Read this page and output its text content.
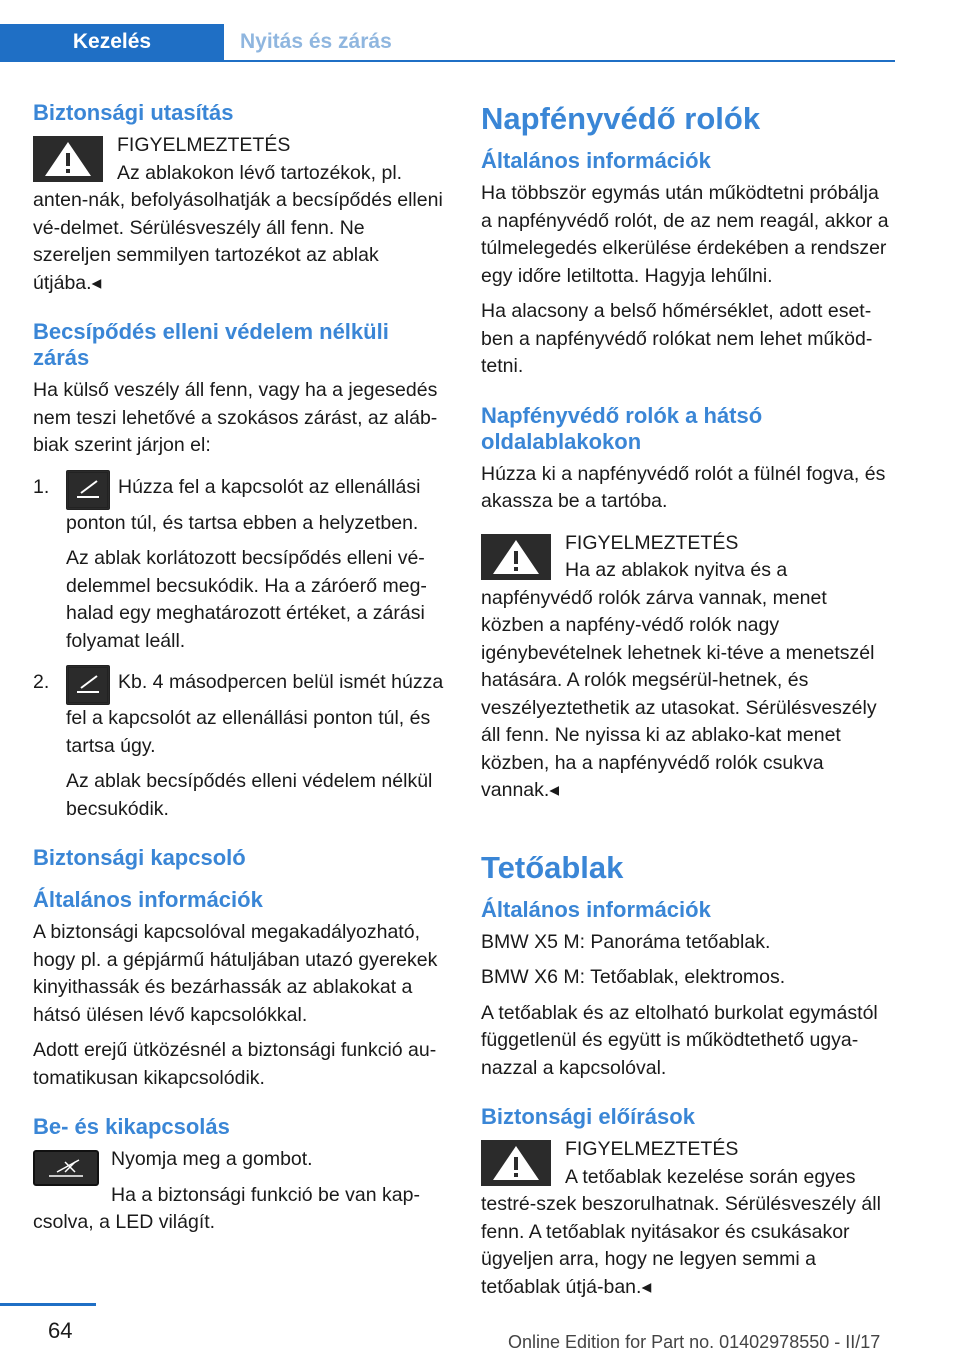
Kezelés	Nyitás és zárás
Biztonsági utasítás

FIGYELMEZTETÉS

Az ablakokon lévő tartozékok, pl. anten-nák, befolyásolhatják a becsípődés elleni vé-delmet. Sérülésveszély áll fenn. Ne szereljen semmilyen tartozékot az ablak útjába.◂

Becsípődés elleni védelem nélküli zárás

Ha külső veszély áll fenn, vagy ha a jegesedés nem teszi lehetővé a szokásos zárást, az aláb-biak szerint járjon el:

1.	Húzza fel a kapcsolót az ellenállási ponton túl, és tartsa ebben a helyzetben.

Az ablak korlátozott becsípődés elleni vé-delemmel becsukódik. Ha a záróerő meg-halad egy meghatározott értéket, a zárási folyamat leáll.

2.	Kb. 4 másodpercen belül ismét húzza fel a kapcsolót az ellenállási ponton túl, és tartsa úgy.

Az ablak becsípődés elleni védelem nélkül becsukódik.

Biztonsági kapcsoló
Általános információk

A biztonsági kapcsolóval megakadályozható, hogy pl. a gépjármű hátuljában utazó gyerekek kinyithassák és bezárhassák az ablakokat a hátsó ülésen lévő kapcsolókkal.

Adott erejű ütközésnél a biztonsági funkció au-tomatikusan kikapcsolódik.

Be- és kikapcsolás

Nyomja meg a gombot.

Ha a biztonsági funkció be van kap-csolva, a LED világít.

Napfényvédő rolók
Általános információk

Ha többször egymás után működtetni próbálja a napfényvédő rolót, de az nem reagál, akkor a túlmelegedés elkerülése érdekében a rendszer egy időre letiltotta. Hagyja lehűlni.

Ha alacsony a belső hőmérséklet, adott eset-ben a napfényvédő rolókat nem lehet működ-tetni.

Napfényvédő rolók a hátsó oldalablakokon

Húzza ki a napfényvédő rolót a fülnél fogva, és akassza be a tartóba.

FIGYELMEZTETÉS

Ha az ablakok nyitva és a napfényvédő rolók zárva vannak, menet közben a napfény-védő rolók nagy igénybevételnek lehetnek ki-téve a menetszél hatására. A rolók megsérül-hetnek, és veszélyeztethetik az utasokat. Sérülésveszély áll fenn. Ne nyissa ki az ablako-kat menet közben, ha a napfényvédő rolók csukva vannak.◂

Tetőablak
Általános információk

BMW X5 M: Panoráma tetőablak.

BMW X6 M: Tetőablak, elektromos.

A tetőablak és az eltolható burkolat egymástól függetlenül és együtt is működtethető ugya-nazzal a kapcsolóval.

Biztonsági előírások

FIGYELMEZTETÉS

A tetőablak kezelése során egyes testré-szek beszorulhatnak. Sérülésveszély áll fenn. A tetőablak nyitásakor és csukásakor ügyeljen arra, hogy ne legyen semmi a tetőablak útjá-ban.◂

64	Online Edition for Part no. 01402978550 - II/17
